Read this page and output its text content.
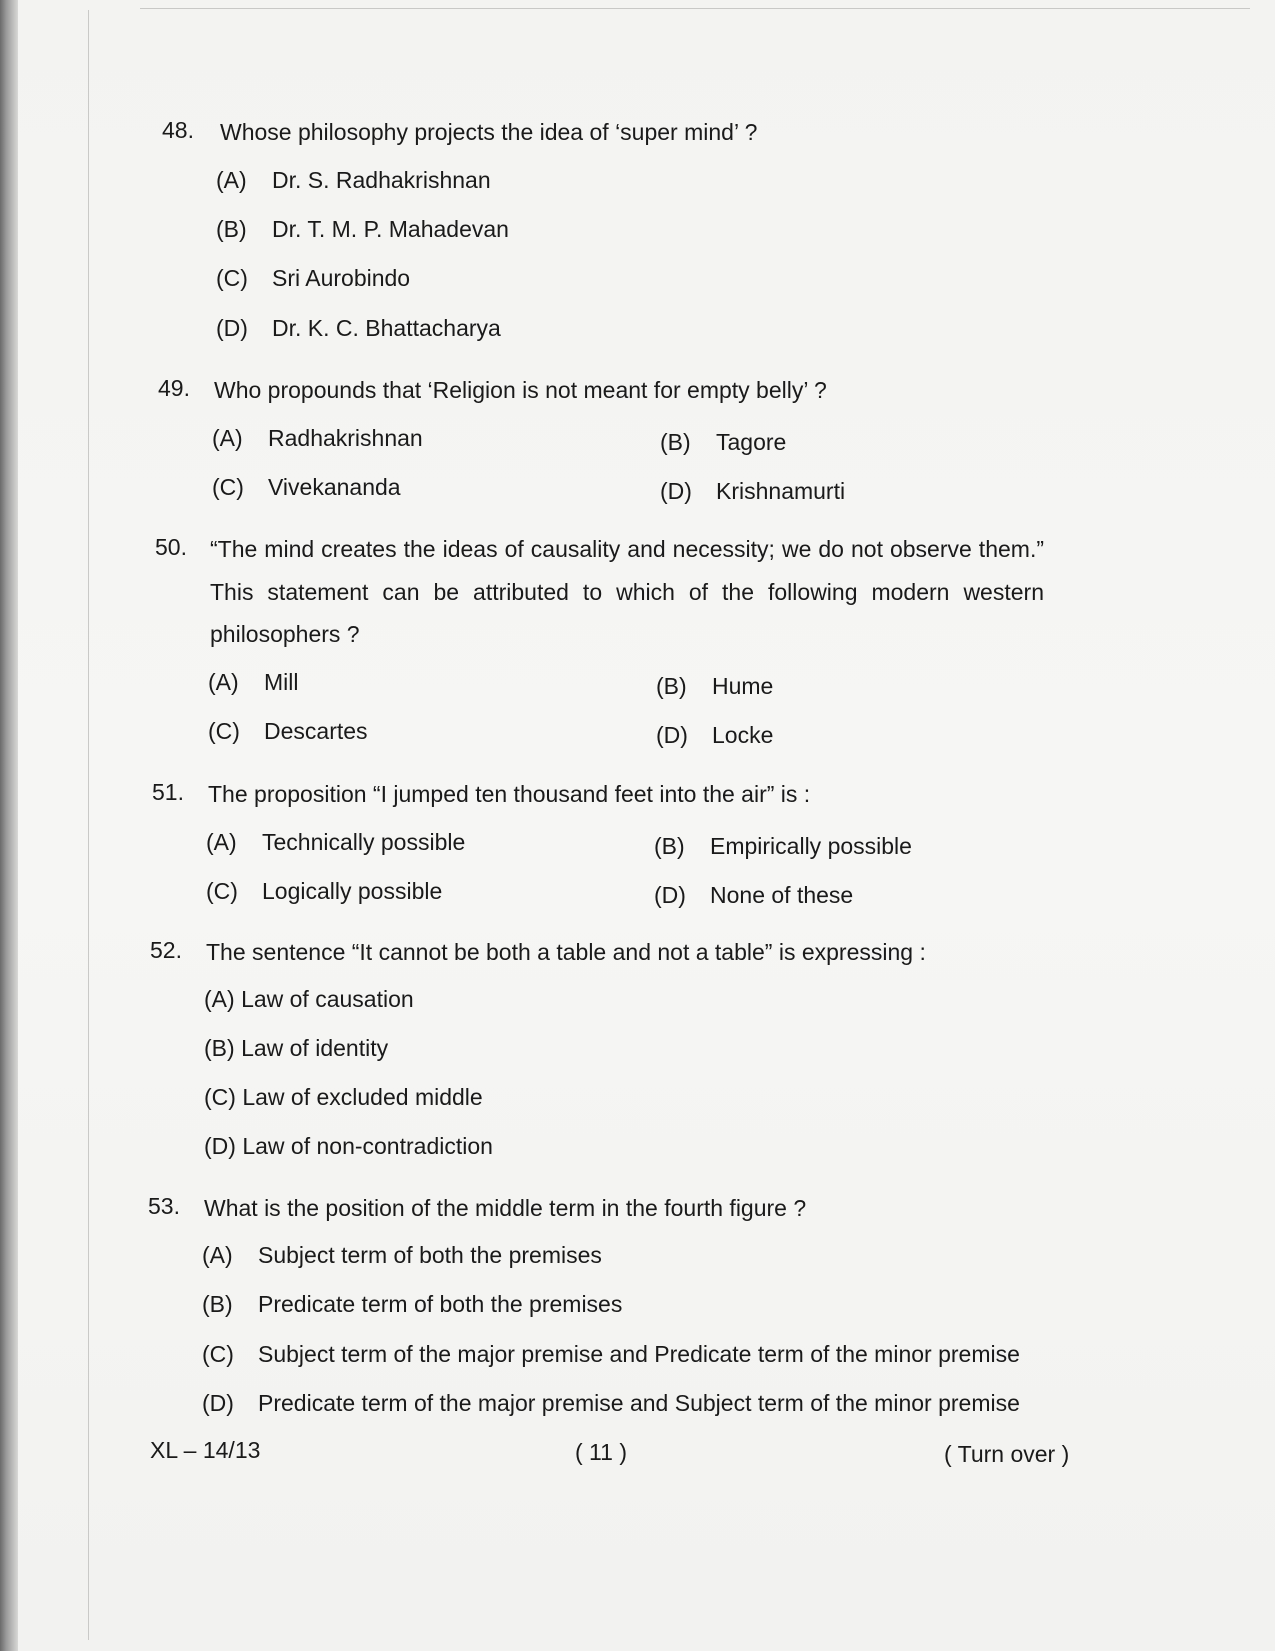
48. Whose philosophy projects the idea of ‘super mind’ ?
(A) Dr. S. Radhakrishnan
(B) Dr. T. M. P. Mahadevan
(C) Sri Aurobindo
(D) Dr. K. C. Bhattacharya
49. Who propounds that ‘Religion is not meant for empty belly’ ?
(A) Radhakrishnan	(B) Tagore
(C) Vivekananda	(D) Krishnamurti
50. “The mind creates the ideas of causality and necessity; we do not observe them.”
This statement can be attributed to which of the following modern western
philosophers ?
(A) Mill	(B) Hume
(C) Descartes	(D) Locke
51. The proposition “I jumped ten thousand feet into the air” is :
(A) Technically possible	(B) Empirically possible
(C) Logically possible	(D) None of these
52. The sentence “It cannot be both a table and not a table” is expressing :
(A) Law of causation
(B) Law of identity
(C) Law of excluded middle
(D) Law of non-contradiction
53. What is the position of the middle term in the fourth figure ?
(A) Subject term of both the premises
(B) Predicate term of both the premises
(C) Subject term of the major premise and Predicate term of the minor premise
(D) Predicate term of the major premise and Subject term of the minor premise
XL – 14/13	( 11 )	( Turn over )
